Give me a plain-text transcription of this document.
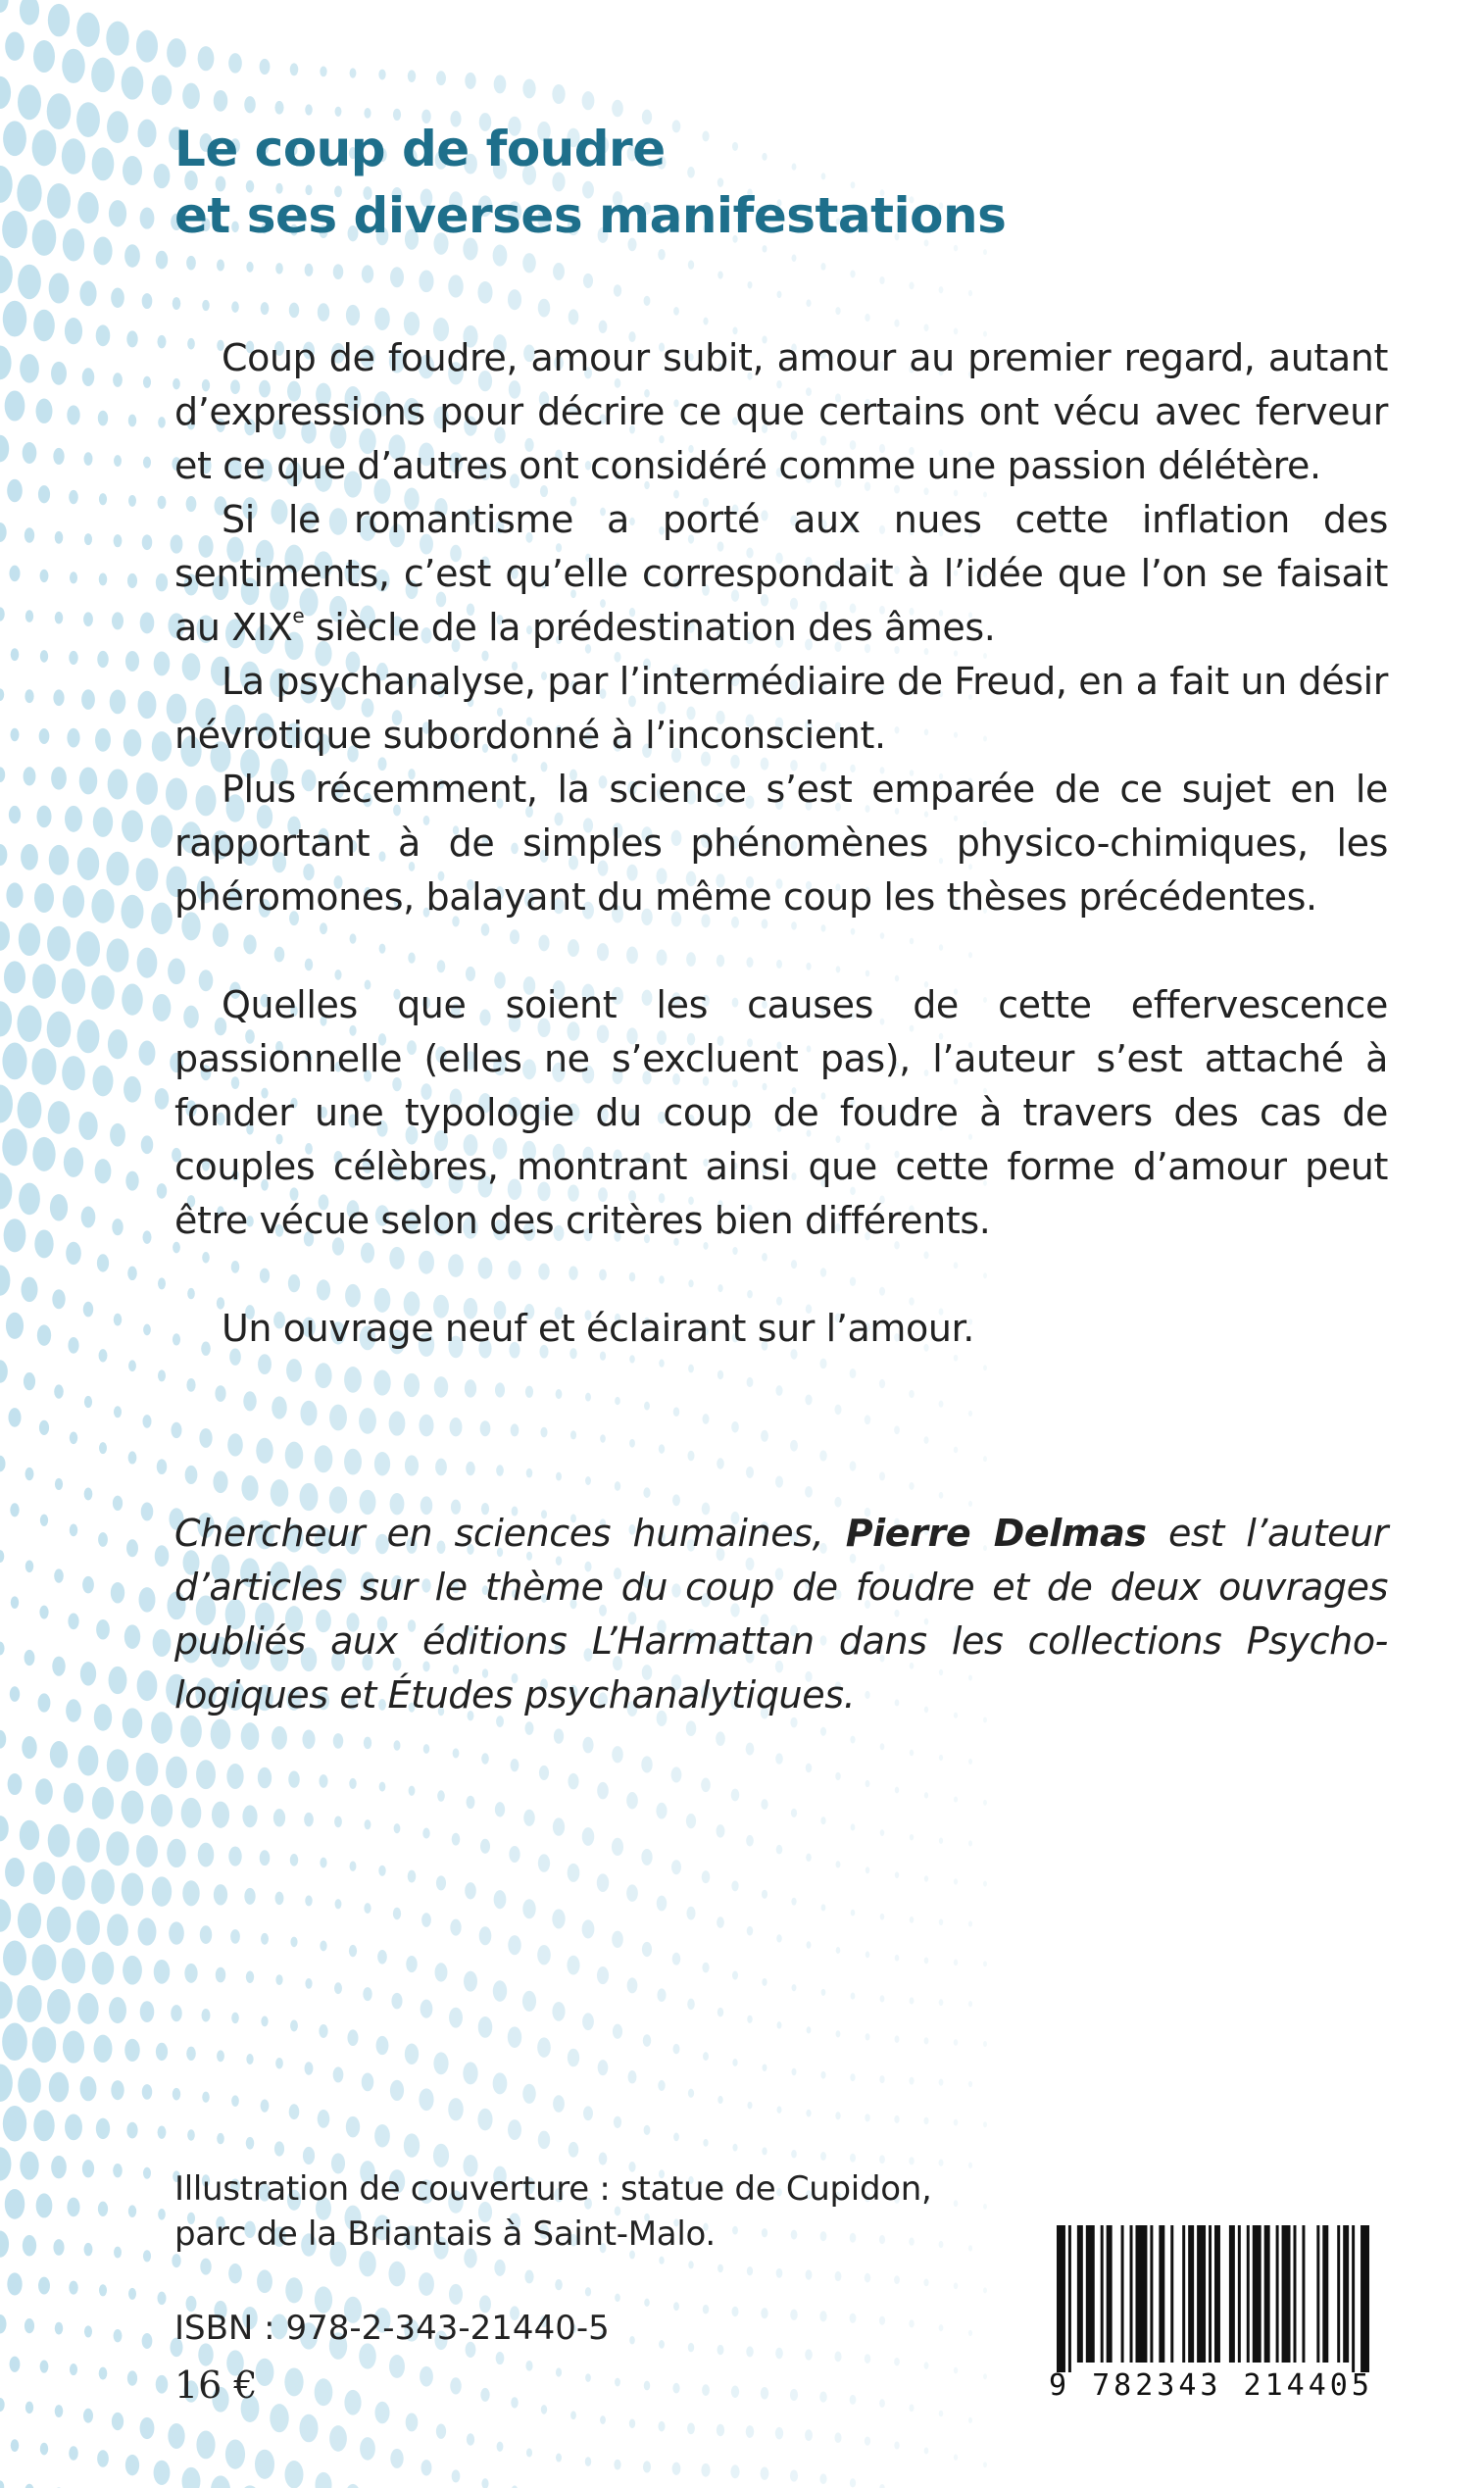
Le coup de foudre
et ses diverses manifestations

Coup de foudre, amour subit, amour au premier regard, autant d’expressions pour décrire ce que certains ont vécu avec ferveur et ce que d’autres ont considéré comme une passion délétère.

Si le romantisme a porté aux nues cette inflation des sentiments, c’est qu’elle correspondait à l’idée que l’on se faisait au XIXe siècle de la prédestination des âmes.

La psychanalyse, par l’intermédiaire de Freud, en a fait un désir névrotique subordonné à l’inconscient.

Plus récemment, la science s’est emparée de ce sujet en le rapportant à de simples phénomènes physico-chimiques, les phéromones, balayant du même coup les thèses précédentes.

Quelles que soient les causes de cette effervescence passionnelle (elles ne s’excluent pas), l’auteur s’est attaché à fonder une typologie du coup de foudre à travers des cas de couples célèbres, montrant ainsi que cette forme d’amour peut être vécue selon des critères bien différents.

Un ouvrage neuf et éclairant sur l’amour.

Chercheur en sciences humaines, Pierre Delmas est l’auteur d’articles sur le thème du coup de foudre et de deux ouvrages publiés aux éditions L’Harmattan dans les collections Psycho-logiques et Études psychanalytiques.
Illustration de couverture : statue de Cupidon,
parc de la Briantais à Saint-Malo.
ISBN : 978-2-343-21440-5
16 €	9 782343 214405
